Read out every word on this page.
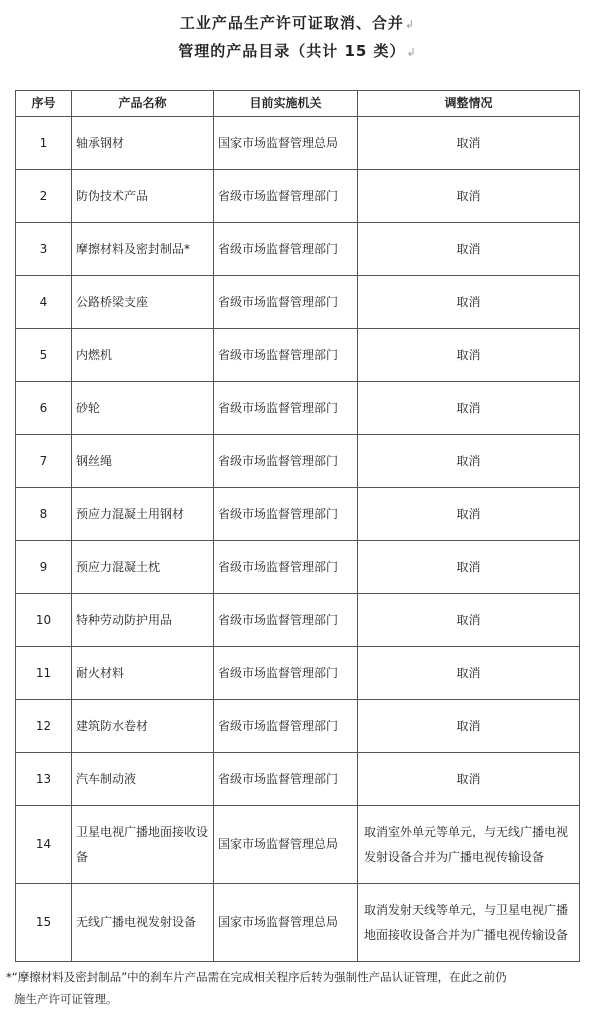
工业产品生产许可证取消、合并↲
管理的产品目录（共计 15 类）↲
序号	产品名称	目前实施机关	调整情况
1	轴承钢材	国家市场监督管理总局	取消
2	防伪技术产品	省级市场监督管理部门	取消
3	摩擦材料及密封制品*	省级市场监督管理部门	取消
4	公路桥梁支座	省级市场监督管理部门	取消
5	内燃机	省级市场监督管理部门	取消
6	砂轮	省级市场监督管理部门	取消
7	钢丝绳	省级市场监督管理部门	取消
8	预应力混凝土用钢材	省级市场监督管理部门	取消
9	预应力混凝土枕	省级市场监督管理部门	取消
10	特种劳动防护用品	省级市场监督管理部门	取消
11	耐火材料	省级市场监督管理部门	取消
12	建筑防水卷材	省级市场监督管理部门	取消
13	汽车制动液	省级市场监督管理部门	取消
14	卫星电视广播地面接收设备	国家市场监督管理总局	取消室外单元等单元，与无线广播电视发射设备合并为广播电视传输设备
15	无线广播电视发射设备	国家市场监督管理总局	取消发射天线等单元，与卫星电视广播地面接收设备合并为广播电视传输设备
*“摩擦材料及密封制品”中的刹车片产品需在完成相关程序后转为强制性产品认证管理，在此之前仍
施生产许可证管理。
